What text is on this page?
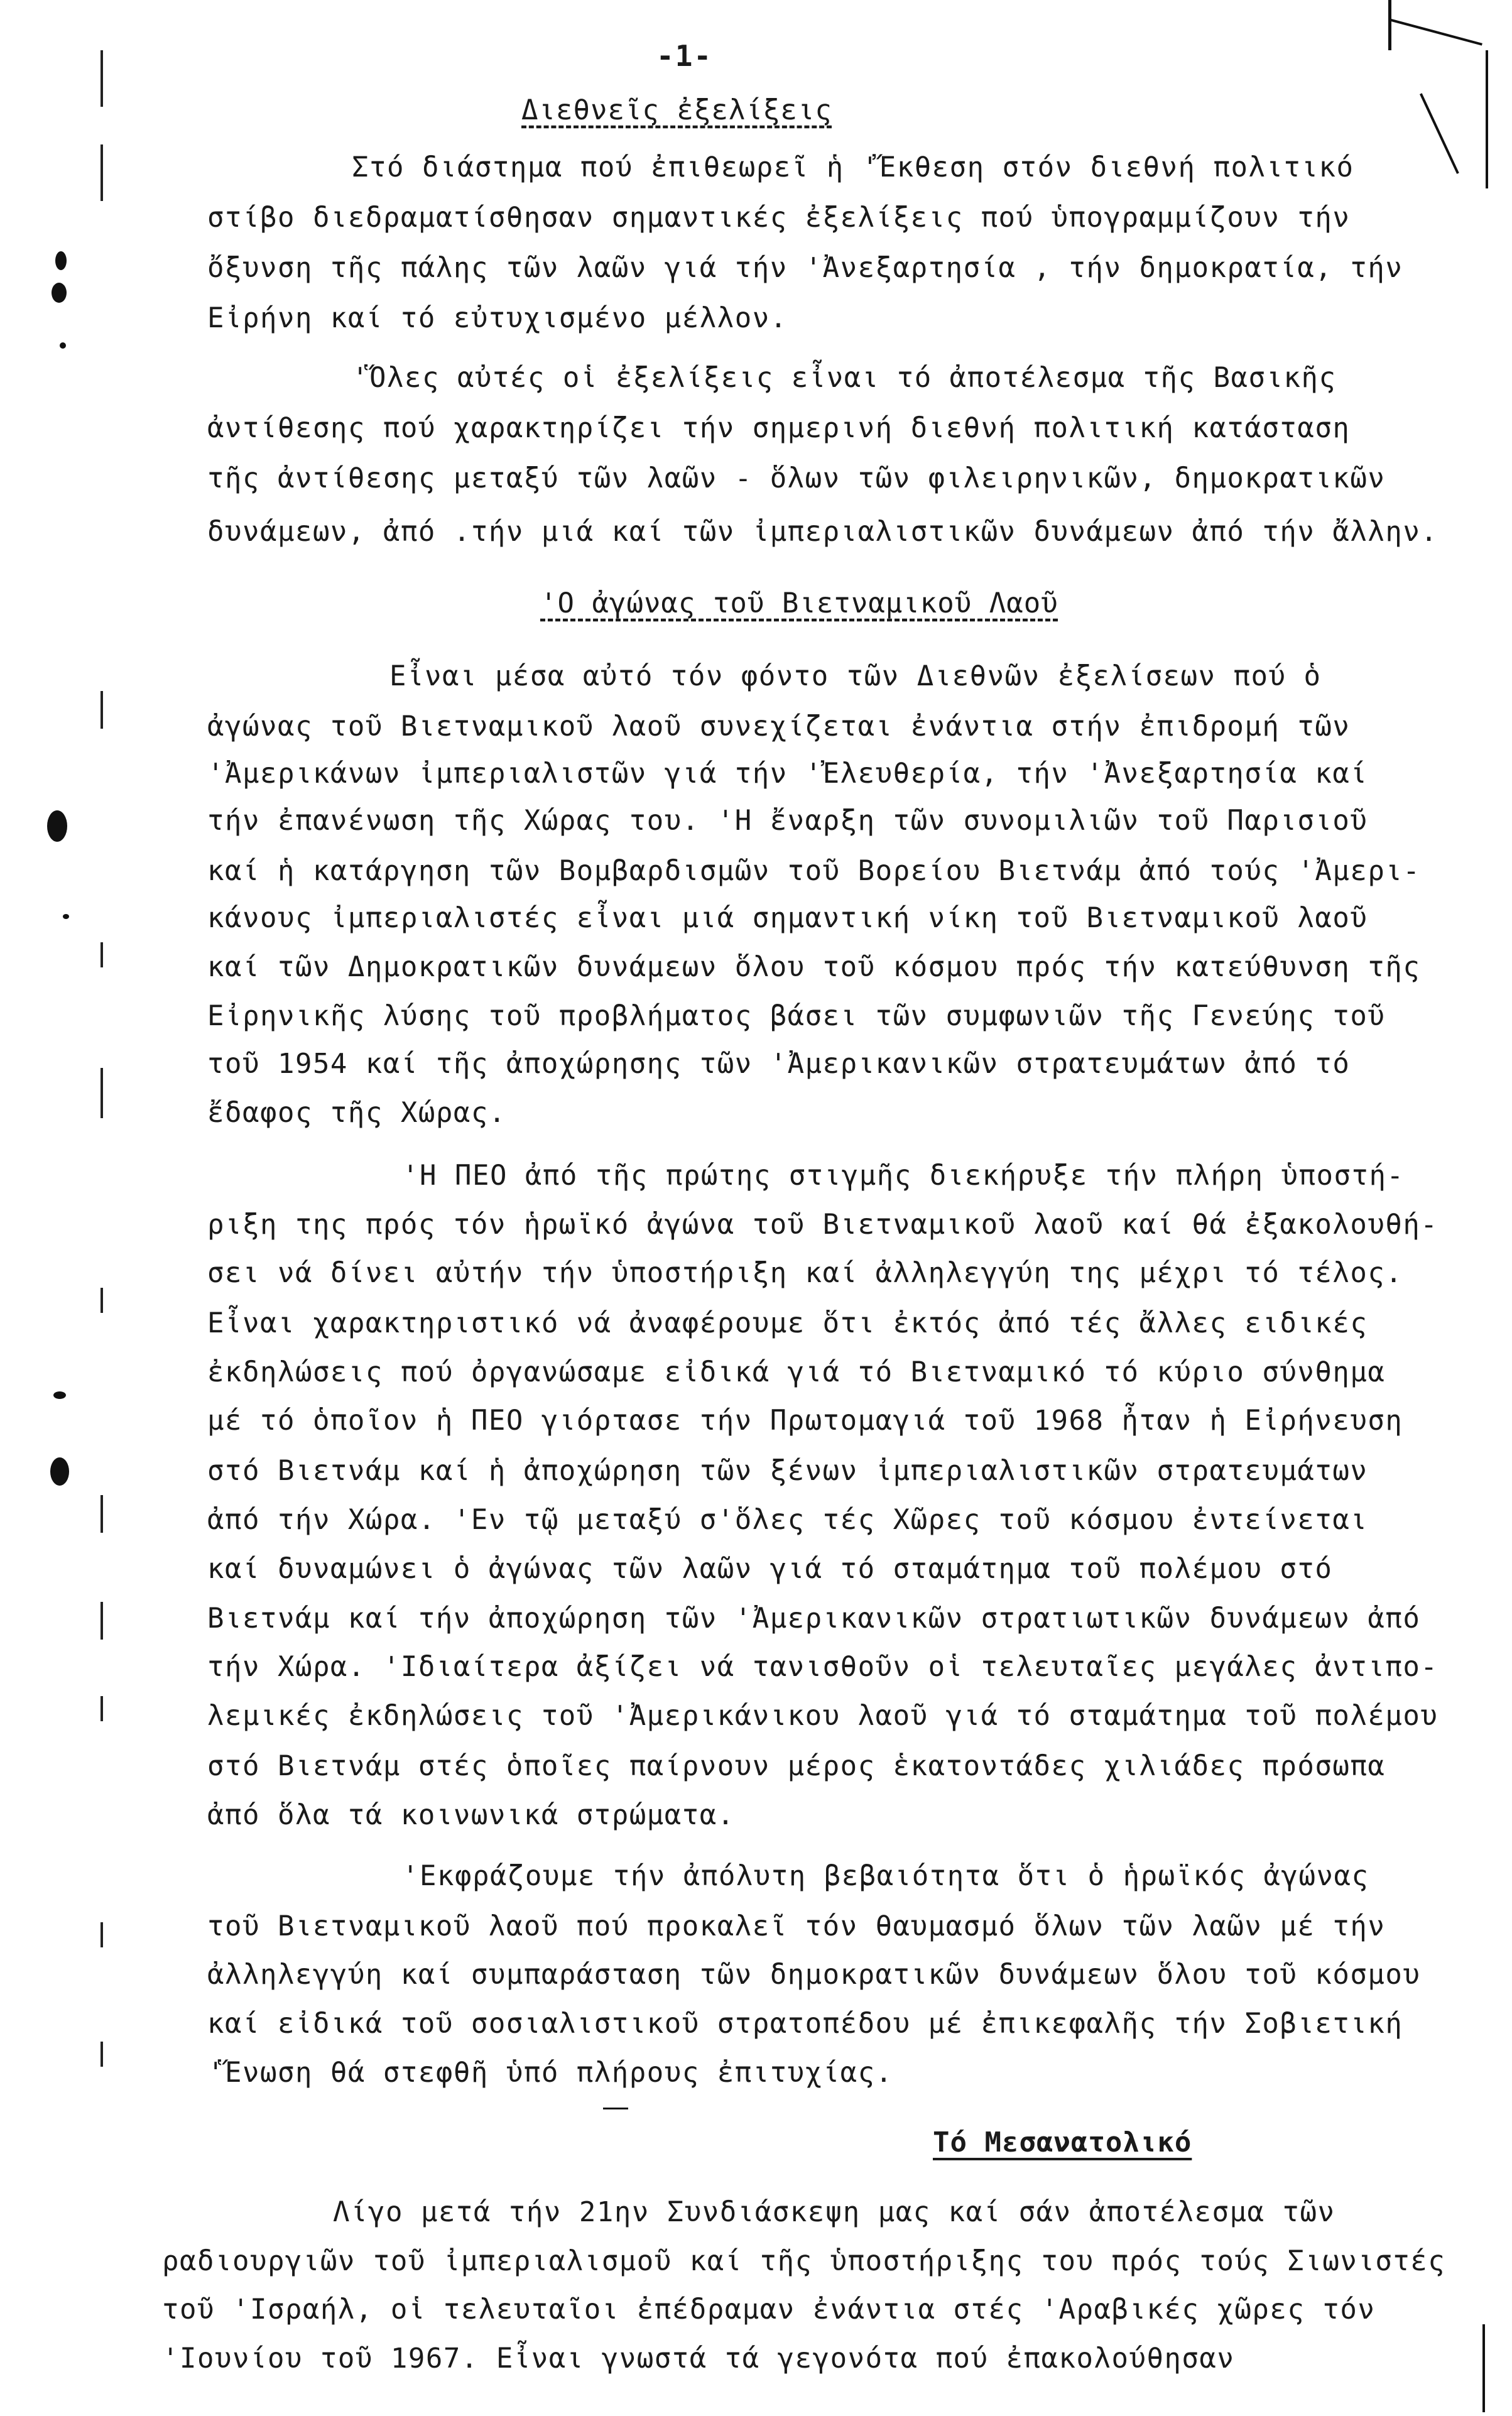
-1-
Διεθνεῖς ἐξελίξεις
Στό διάστημα πού ἐπιθεωρεῖ ἡ 'Ἔκθεση στόν διεθνή πολιτικό
στίβο διεδραματίσθησαν σημαντικές ἐξελίξεις πού ὑπογραμμίζουν τήν
ὄξυνση τῆς πάλης τῶν λαῶν γιά τήν 'Ἀνεξαρτησία , τήν δημοκρατία, τήν
Εἰρήνη καί τό εὐτυχισμένο μέλλον.
'Ὅλες αὐτές οἱ ἐξελίξεις εἶναι τό ἀποτέλεσμα τῆς Βασικῆς
ἀντίθεσης πού χαρακτηρίζει τήν σημερινή διεθνή πολιτική κατάσταση
τῆς ἀντίθεσης μεταξύ τῶν λαῶν - ὅλων τῶν φιλειρηνικῶν, δημοκρατικῶν
δυνάμεων, ἀπό .τήν μιά καί τῶν ἰμπεριαλιστικῶν δυνάμεων ἀπό τήν ἄλλην.
'Ο ἀγώνας τοῦ Βιετναμικοῦ Λαοῦ
Εἶναι μέσα αὐτό τόν φόντο τῶν Διεθνῶν ἐξελίσεων πού ὁ
ἀγώνας τοῦ Βιετναμικοῦ λαοῦ συνεχίζεται ἐνάντια στήν ἐπιδρομή τῶν
'Ἀμερικάνων ἰμπεριαλιστῶν γιά τήν 'Ἐλευθερία, τήν 'Ἀνεξαρτησία καί
τήν ἐπανένωση τῆς Χώρας του. 'Η ἔναρξη τῶν συνομιλιῶν τοῦ Παρισιοῦ
καί ἡ κατάργηση τῶν Βομβαρδισμῶν τοῦ Βορείου Βιετνάμ ἀπό τούς 'Ἀμερι-
κάνους ἰμπεριαλιστές εἶναι μιά σημαντική νίκη τοῦ Βιετναμικοῦ λαοῦ
καί τῶν Δημοκρατικῶν δυνάμεων ὅλου τοῦ κόσμου πρός τήν κατεύθυνση τῆς
Εἰρηνικῆς λύσης τοῦ προβλήματος βάσει τῶν συμφωνιῶν τῆς Γενεύης τοῦ
τοῦ 1954 καί τῆς ἀποχώρησης τῶν 'Ἀμερικανικῶν στρατευμάτων ἀπό τό
ἔδαφος τῆς Χώρας.
'Η ΠΕΟ ἀπό τῆς πρώτης στιγμῆς διεκήρυξε τήν πλήρη ὑποστή-
ριξη της πρός τόν ἡρωϊκό ἀγώνα τοῦ Βιετναμικοῦ λαοῦ καί θά ἐξακολουθή-
σει νά δίνει αὐτήν τήν ὑποστήριξη καί ἀλληλεγγύη της μέχρι τό τέλος.
Εἶναι χαρακτηριστικό νά ἀναφέρουμε ὅτι ἐκτός ἀπό τές ἄλλες ειδικές
ἐκδηλώσεις πού ὀργανώσαμε εἰδικά γιά τό Βιετναμικό τό κύριο σύνθημα
μέ τό ὁποῖον ἡ ΠΕΟ γιόρτασε τήν Πρωτομαγιά τοῦ 1968 ἦταν ἡ Εἰρήνευση
στό Βιετνάμ καί ἡ ἀποχώρηση τῶν ξένων ἰμπεριαλιστικῶν στρατευμάτων
ἀπό τήν Χώρα. 'Εν τῷ μεταξύ σ'ὅλες τές Χῶρες τοῦ κόσμου ἐντείνεται
καί δυναμώνει ὁ ἀγώνας τῶν λαῶν γιά τό σταμάτημα τοῦ πολέμου στό
Βιετνάμ καί τήν ἀποχώρηση τῶν 'Ἀμερικανικῶν στρατιωτικῶν δυνάμεων ἀπό
τήν Χώρα. 'Ιδιαίτερα ἀξίζει νά τανισθοῦν οἱ τελευταῖες μεγάλες ἀντιπο-
λεμικές ἐκδηλώσεις τοῦ 'Ἀμερικάνικου λαοῦ γιά τό σταμάτημα τοῦ πολέμου
στό Βιετνάμ στές ὁποῖες παίρνουν μέρος ἑκατοντάδες χιλιάδες πρόσωπα
ἀπό ὅλα τά κοινωνικά στρώματα.
'Εκφράζουμε τήν ἀπόλυτη βεβαιότητα ὅτι ὁ ἡρωϊκός ἀγώνας
τοῦ Βιετναμικοῦ λαοῦ πού προκαλεῖ τόν θαυμασμό ὅλων τῶν λαῶν μέ τήν
ἀλληλεγγύη καί συμπαράσταση τῶν δημοκρατικῶν δυνάμεων ὅλου τοῦ κόσμου
καί εἰδικά τοῦ σοσιαλιστικοῦ στρατοπέδου μέ ἐπικεφαλῆς τήν Σοβιετική
'Ἕνωση θά στεφθῆ ὑπό πλήρους ἐπιτυχίας.
Τό Μεσανατολικό
Λίγο μετά τήν 21ην Συνδιάσκεψη μας καί σάν ἀποτέλεσμα τῶν
ραδιουργιῶν τοῦ ἰμπεριαλισμοῦ καί τῆς ὑποστήριξης του πρός τούς Σιωνιστές
τοῦ 'Ισραήλ, οἱ τελευταῖοι ἐπέδραμαν ἐνάντια στές 'Αραβικές χῶρες τόν
'Ιουνίου τοῦ 1967. Εἶναι γνωστά τά γεγονότα πού ἐπακολούθησαν
